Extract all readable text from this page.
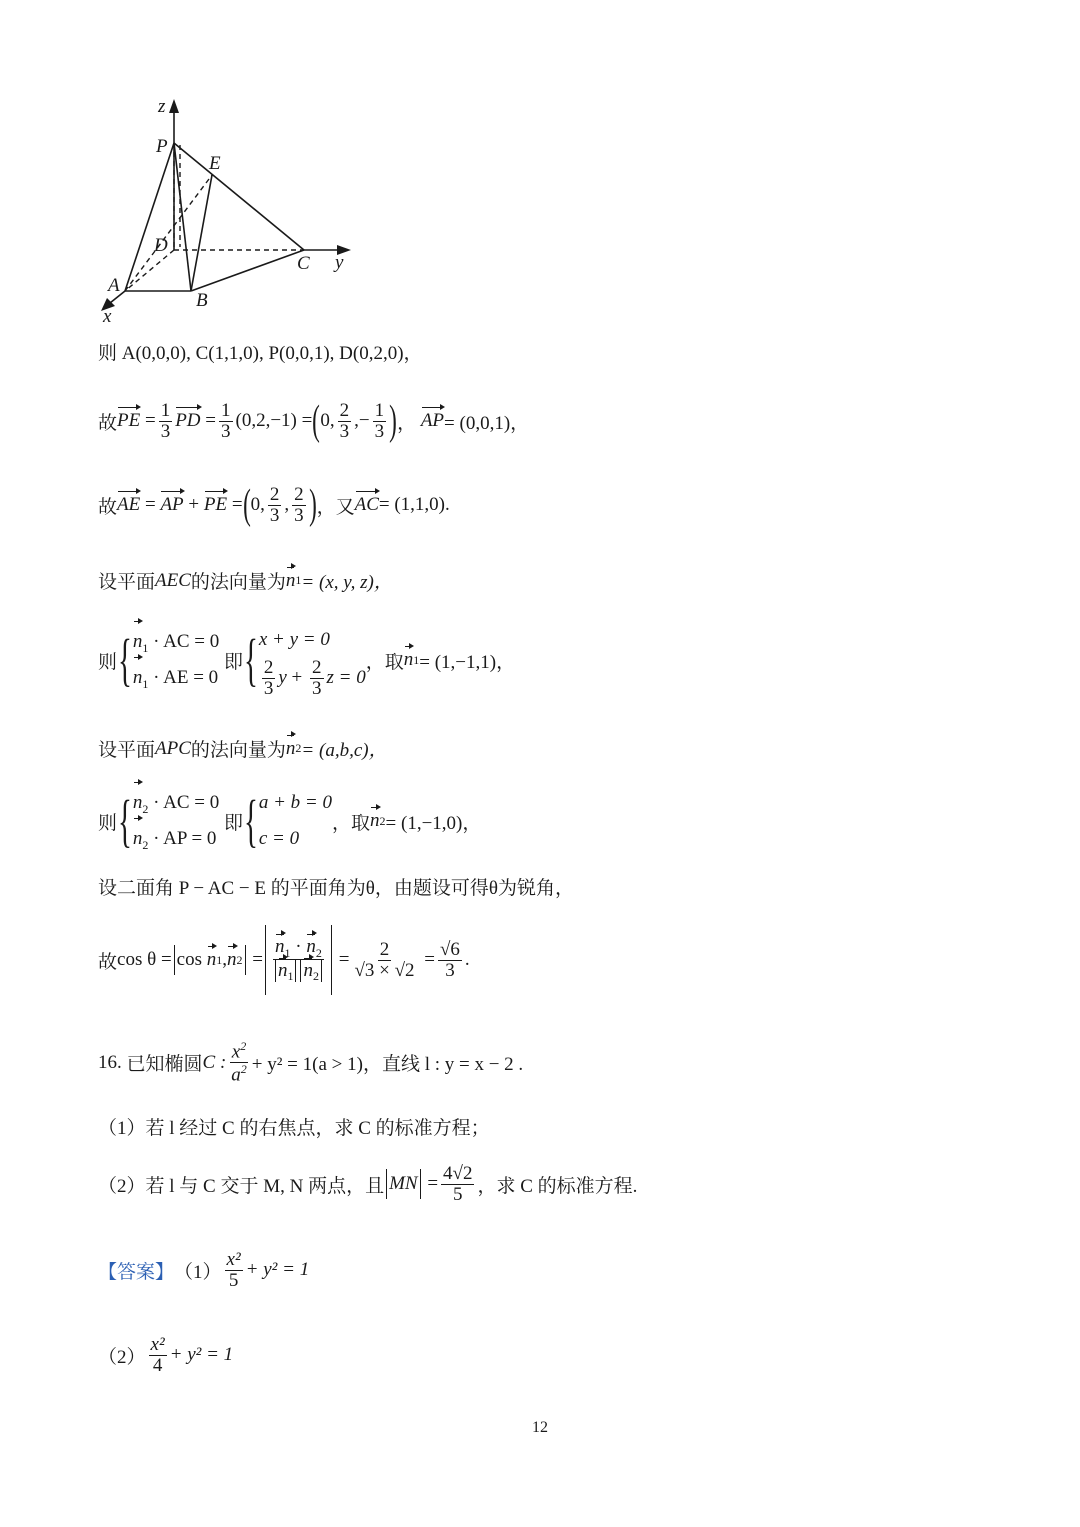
z
P
E
D
C y
A
B
x
则 A(0,0,0), C(1,1,0), P(0,0,1), D(0,2,0)，
故 PE = $\frac{1}{3}$ PD = $\frac{1}{3} (0,2,-1)$ = ( 0, $\frac{2}{3}$ ,− $\frac{1}{3}$ ) ，
AP = (0,0,1)，
故 AE = AP + PE = ( 0, $\frac{2}{3}$ , $\frac{2}{3}$ ) ，又 AC = (1,1,0).
设平面 AEC 的法向量为 n 1 = (x, y, z)，
则 { $n_1$ · AC = 0
$n_1$ · AE = 0

即 { x + y = 0
$\frac{2}{3}$ $y + \frac{2}{3}$ z = 0
，取 n 1 = (1,−1,1)，
设平面 APC 的法向量为 n 2 = (a,b,c)，
则 { $n_2$ · AC = 0
$n_2$ · AP = 0

即 { a + b = 0
c = 0
，取 n 2 = (1,−1,0)，
设二面角 P − AC − E 的平面角为θ，由题设可得θ为锐角，
故 cos θ = cos
n 1 , n $2 = \frac{n_1 \cdot n_2}{n_1 n_2} = \frac{2}{√3 \times √2} = \frac{√6}{3}$ .
16.
已知椭圆 C : $\frac{x^2}{a^2} + y^2 = 1(a > 1)$，直线 l : y = x − 2 .
（1）若 l 经过 C 的右焦点，求 C 的标准方程；
（2）若 l 与 C 交于 M, N 两点，且 MN = $\frac{4√2}{5}$ ，求 C 的标准方程.
【答案】 $(1) \frac{\text{x²}}{5} + y^2 = 1$
$(2) \frac{\text{x²}}{4} + y^2 = 1$
12
